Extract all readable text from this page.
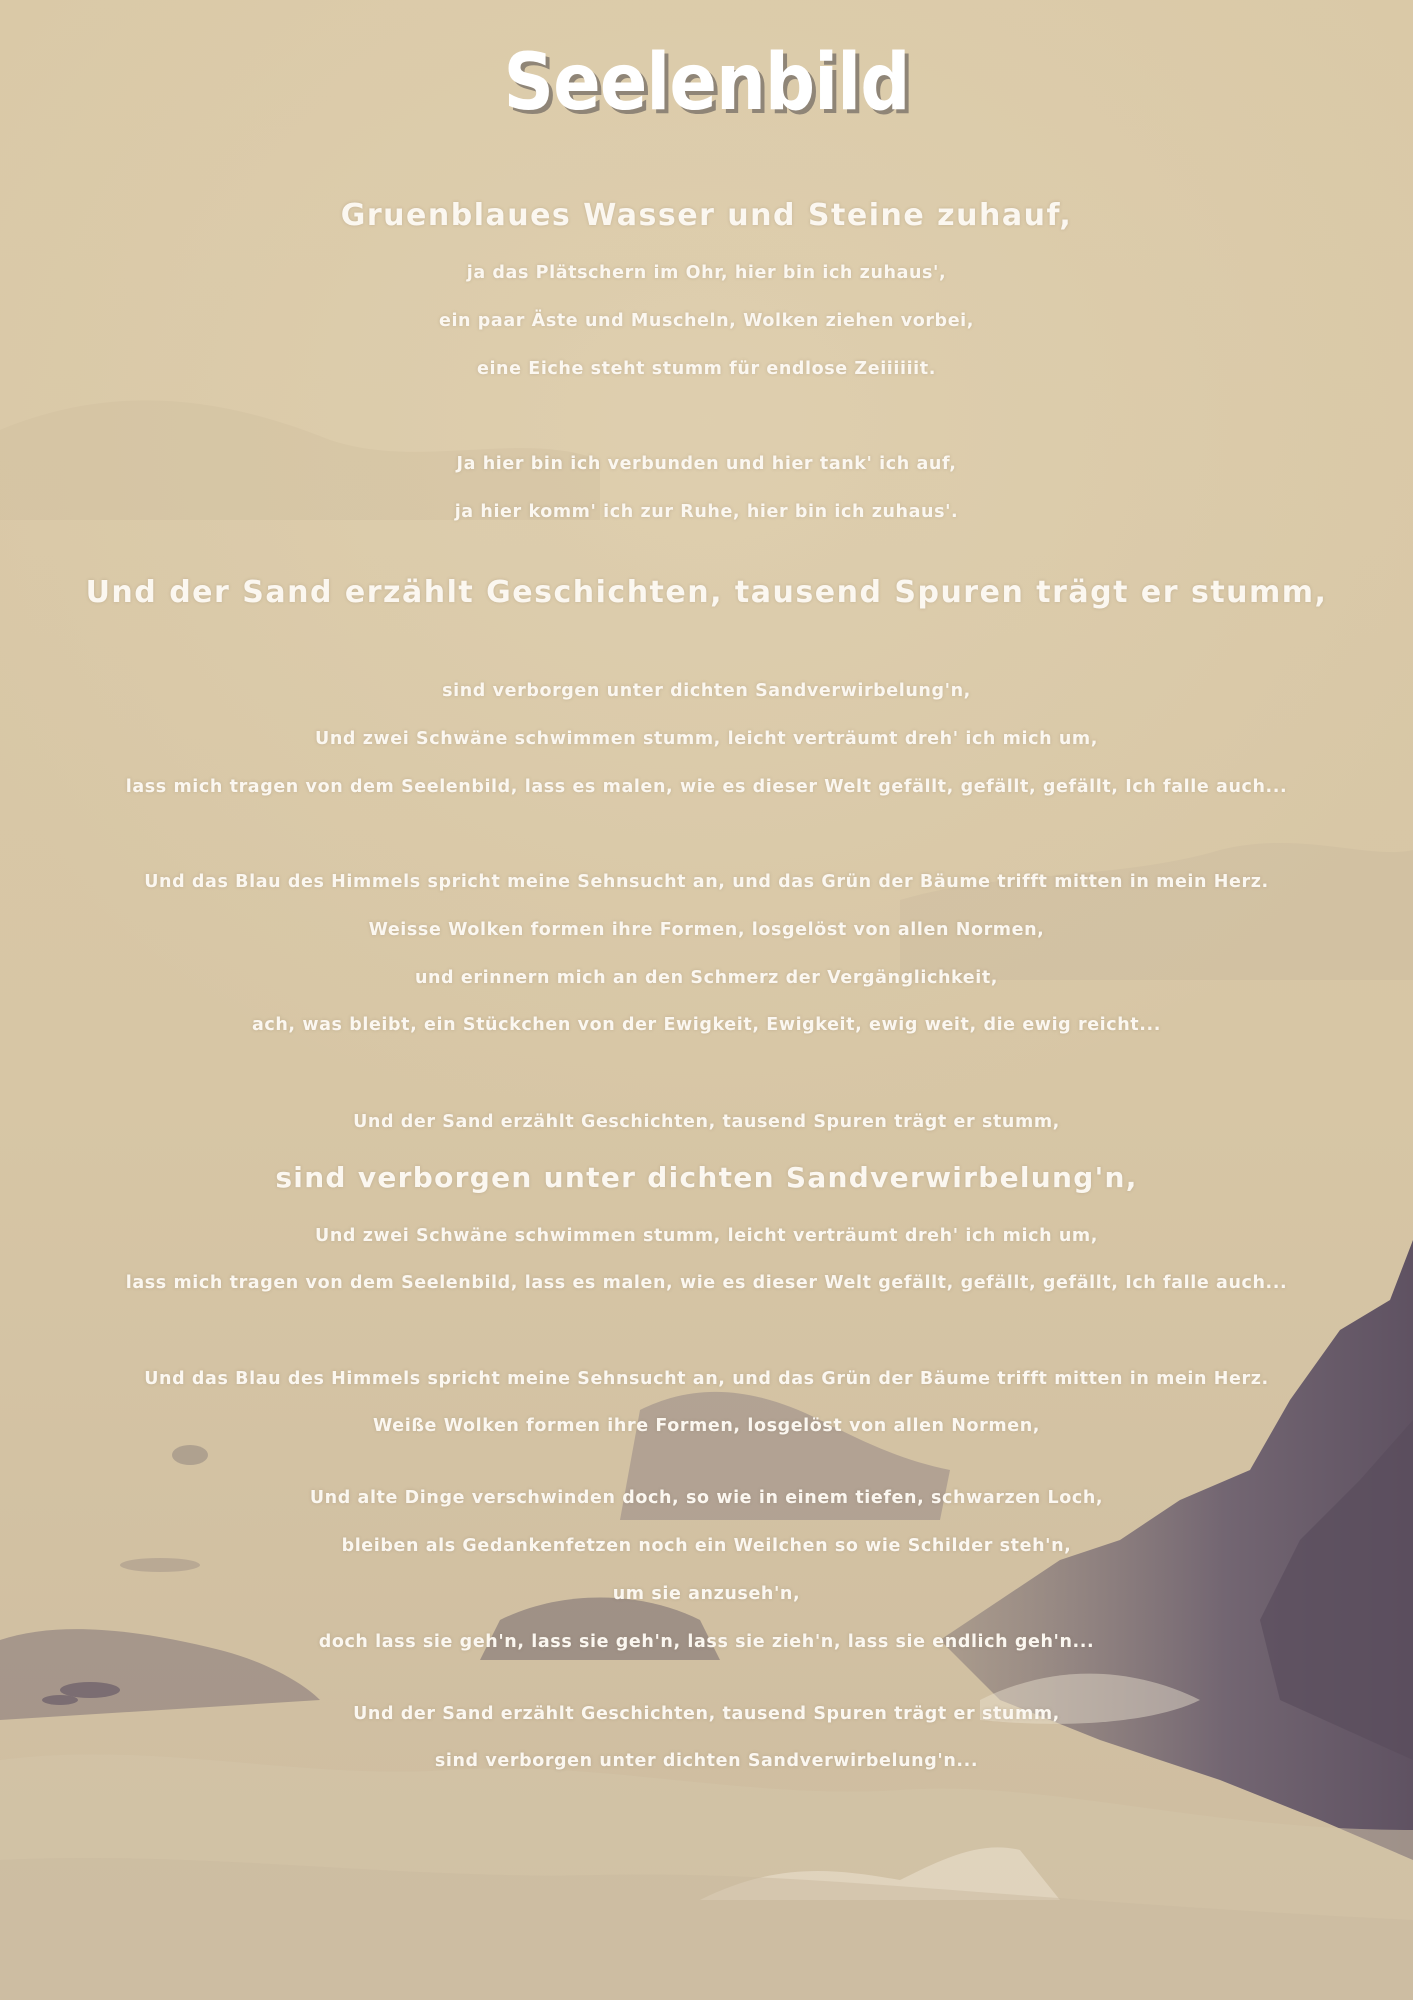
Seelenbild

Gruenblaues Wasser und Steine zuhauf,

ja das Plätschern im Ohr, hier bin ich zuhaus',

ein paar Äste und Muscheln, Wolken ziehen vorbei,

eine Eiche steht stumm für endlose Zeiiiiiit.

Ja hier bin ich verbunden und hier tank' ich auf,

ja hier komm' ich zur Ruhe, hier bin ich zuhaus'.

Und der Sand erzählt Geschichten, tausend Spuren trägt er stumm,

sind verborgen unter dichten Sandverwirbelung'n,

Und zwei Schwäne schwimmen stumm, leicht verträumt dreh' ich mich um,

lass mich tragen von dem Seelenbild, lass es malen, wie es dieser Welt gefällt, gefällt, gefällt, Ich falle auch...

Und das Blau des Himmels spricht meine Sehnsucht an, und das Grün der Bäume trifft mitten in mein Herz.

Weisse Wolken formen ihre Formen, losgelöst von allen Normen,

und erinnern mich an den Schmerz der Vergänglichkeit,

ach, was bleibt, ein Stückchen von der Ewigkeit, Ewigkeit, ewig weit, die ewig reicht...

Und der Sand erzählt Geschichten, tausend Spuren trägt er stumm,

sind verborgen unter dichten Sandverwirbelung'n,

Und zwei Schwäne schwimmen stumm, leicht verträumt dreh' ich mich um,

lass mich tragen von dem Seelenbild, lass es malen, wie es dieser Welt gefällt, gefällt, gefällt, Ich falle auch...

Und das Blau des Himmels spricht meine Sehnsucht an, und das Grün der Bäume trifft mitten in mein Herz.

Weiße Wolken formen ihre Formen, losgelöst von allen Normen,

Und alte Dinge verschwinden doch, so wie in einem tiefen, schwarzen Loch,

bleiben als Gedankenfetzen noch ein Weilchen so wie Schilder steh'n,

um sie anzuseh'n,

doch lass sie geh'n, lass sie geh'n, lass sie zieh'n, lass sie endlich geh'n...

Und der Sand erzählt Geschichten, tausend Spuren trägt er stumm,

sind verborgen unter dichten Sandverwirbelung'n...
